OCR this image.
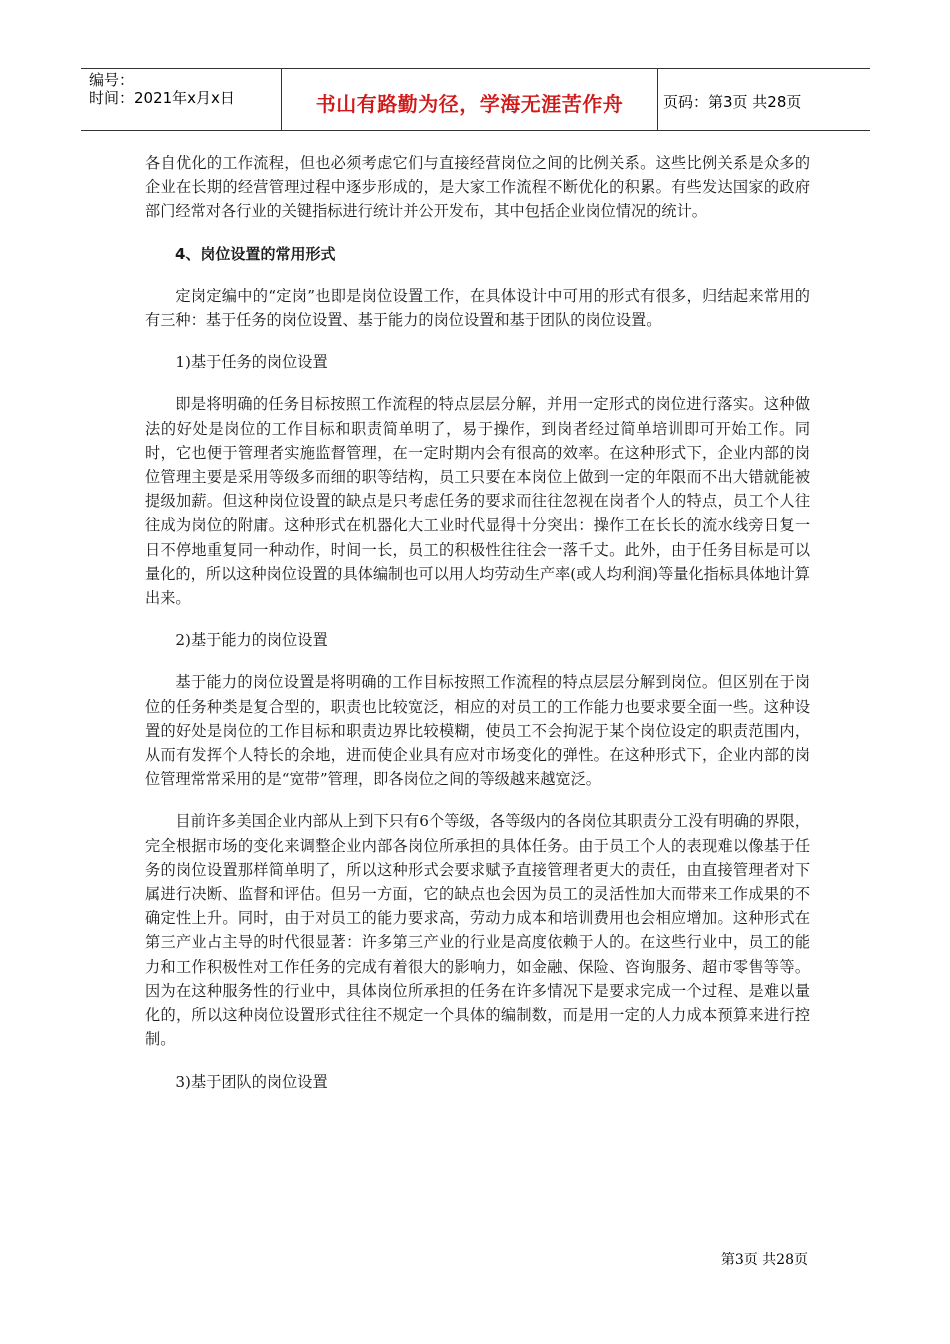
编号：
时间：2021年x月x日	书山有路勤为径，学海无涯苦作舟	页码：第3页 共28页

各自优化的工作流程，但也必须考虑它们与直接经营岗位之间的比例关系。这些比例关系是众多的企业在长期的经营管理过程中逐步形成的，是大家工作流程不断优化的积累。有些发达国家的政府部门经常对各行业的关键指标进行统计并公开发布，其中包括企业岗位情况的统计。

4、岗位设置的常用形式

定岗定编中的“定岗”也即是岗位设置工作，在具体设计中可用的形式有很多，归结起来常用的有三种：基于任务的岗位设置、基于能力的岗位设置和基于团队的岗位设置。

1)基于任务的岗位设置

即是将明确的任务目标按照工作流程的特点层层分解，并用一定形式的岗位进行落实。这种做法的好处是岗位的工作目标和职责简单明了，易于操作，到岗者经过简单培训即可开始工作。同时，它也便于管理者实施监督管理，在一定时期内会有很高的效率。在这种形式下，企业内部的岗位管理主要是采用等级多而细的职等结构，员工只要在本岗位上做到一定的年限而不出大错就能被提级加薪。但这种岗位设置的缺点是只考虑任务的要求而往往忽视在岗者个人的特点，员工个人往往成为岗位的附庸。这种形式在机器化大工业时代显得十分突出：操作工在长长的流水线旁日复一日不停地重复同一种动作，时间一长，员工的积极性往往会一落千丈。此外，由于任务目标是可以量化的，所以这种岗位设置的具体编制也可以用人均劳动生产率(或人均利润)等量化指标具体地计算出来。

2)基于能力的岗位设置

基于能力的岗位设置是将明确的工作目标按照工作流程的特点层层分解到岗位。但区别在于岗位的任务种类是复合型的，职责也比较宽泛，相应的对员工的工作能力也要求要全面一些。这种设置的好处是岗位的工作目标和职责边界比较模糊，使员工不会拘泥于某个岗位设定的职责范围内，从而有发挥个人特长的余地，进而使企业具有应对市场变化的弹性。在这种形式下，企业内部的岗位管理常常采用的是“宽带”管理，即各岗位之间的等级越来越宽泛。

目前许多美国企业内部从上到下只有6个等级，各等级内的各岗位其职责分工没有明确的界限，完全根据市场的变化来调整企业内部各岗位所承担的具体任务。由于员工个人的表现难以像基于任务的岗位设置那样简单明了，所以这种形式会要求赋予直接管理者更大的责任，由直接管理者对下属进行决断、监督和评估。但另一方面，它的缺点也会因为员工的灵活性加大而带来工作成果的不确定性上升。同时，由于对员工的能力要求高，劳动力成本和培训费用也会相应增加。这种形式在第三产业占主导的时代很显著：许多第三产业的行业是高度依赖于人的。在这些行业中，员工的能力和工作积极性对工作任务的完成有着很大的影响力，如金融、保险、咨询服务、超市零售等等。因为在这种服务性的行业中，具体岗位所承担的任务在许多情况下是要求完成一个过程、是难以量化的，所以这种岗位设置形式往往不规定一个具体的编制数，而是用一定的人力成本预算来进行控制。

3)基于团队的岗位设置

第3页 共28页
